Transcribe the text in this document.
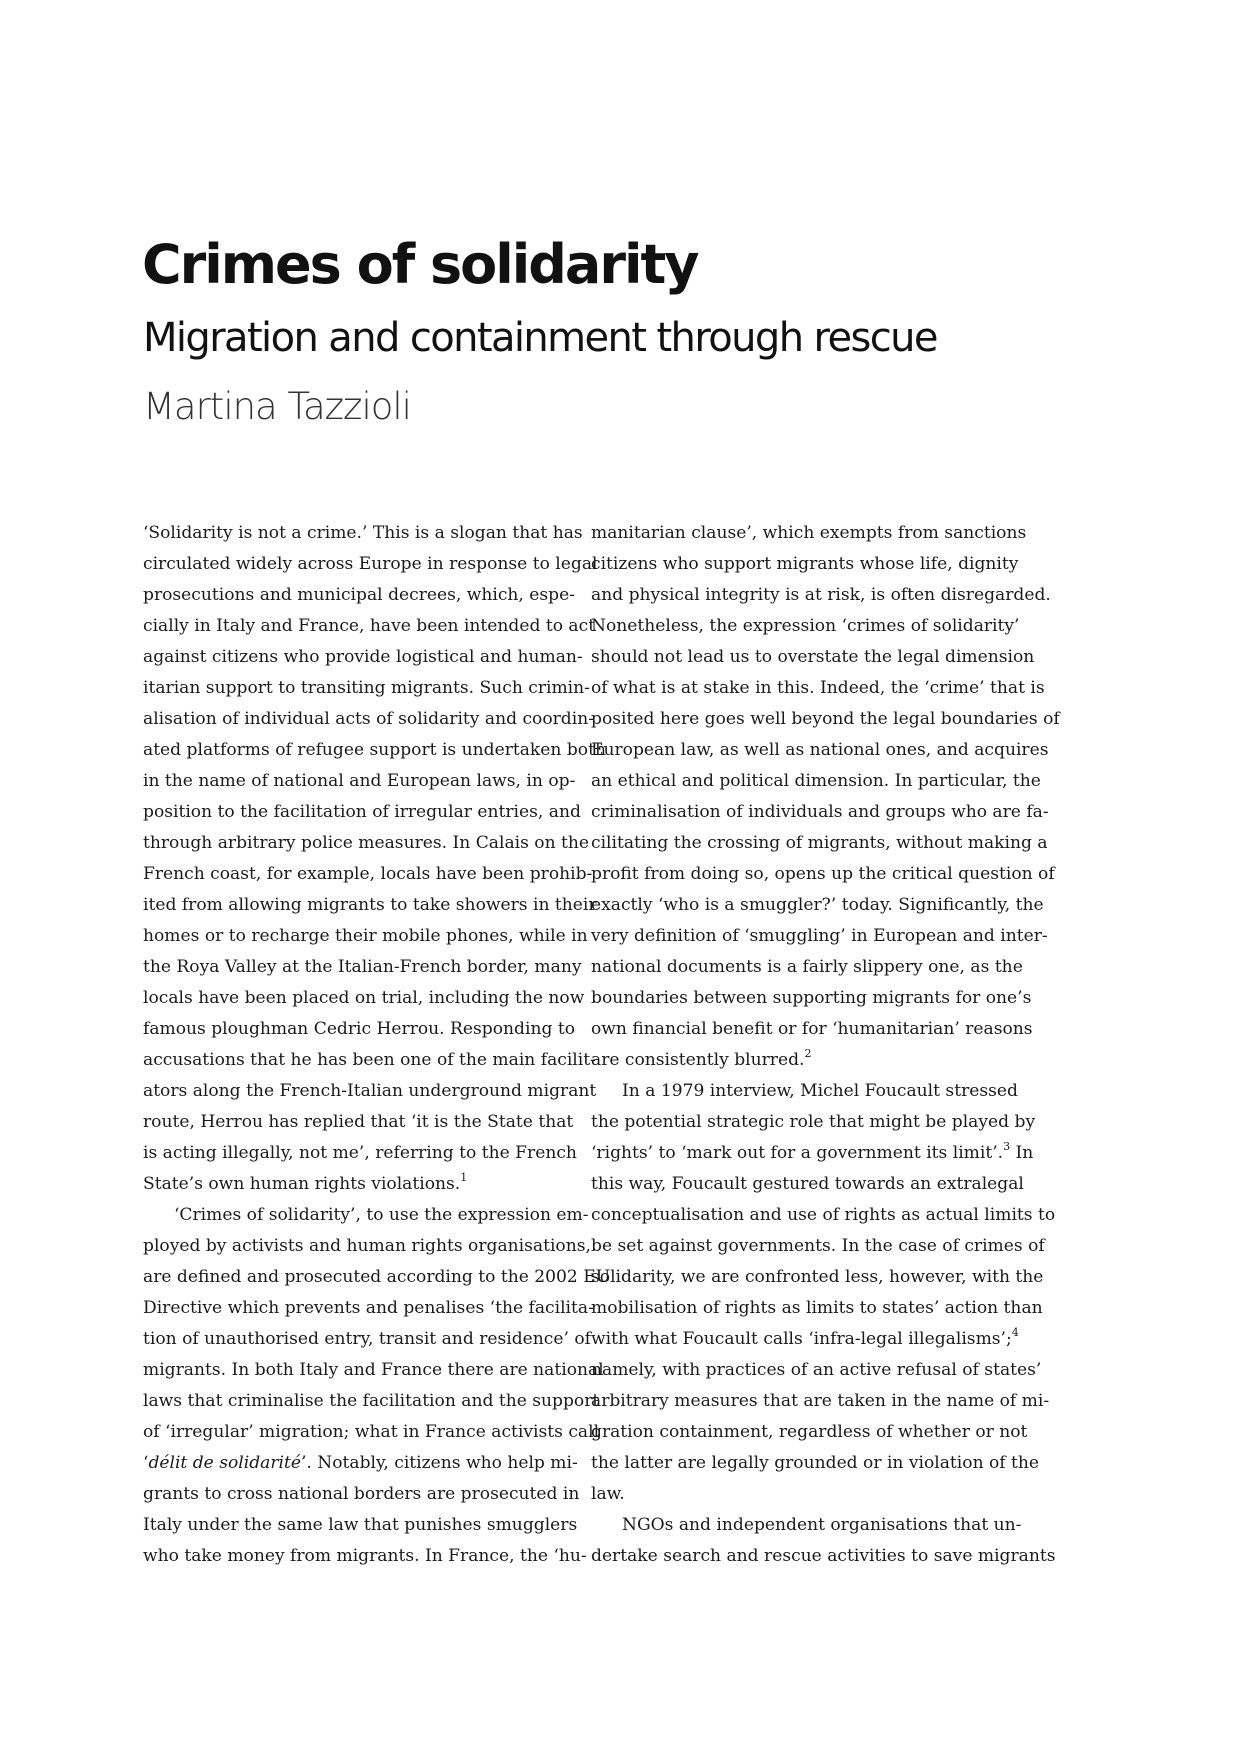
Crimes of solidarity
Migration and containment through rescue
Martina Tazzioli
‘Solidarity is not a crime.’ This is a slogan that has
circulated widely across Europe in response to legal
prosecutions and municipal decrees, which, espe-
cially in Italy and France, have been intended to act
against citizens who provide logistical and human-
itarian support to transiting migrants. Such crimin-
alisation of individual acts of solidarity and coordin-
ated platforms of refugee support is undertaken both
in the name of national and European laws, in op-
position to the facilitation of irregular entries, and
through arbitrary police measures. In Calais on the
French coast, for example, locals have been prohib-
ited from allowing migrants to take showers in their
homes or to recharge their mobile phones, while in
the Roya Valley at the Italian-French border, many
locals have been placed on trial, including the now
famous ploughman Cedric Herrou. Responding to
accusations that he has been one of the main facilit-
ators along the French-Italian underground migrant
route, Herrou has replied that ‘it is the State that
is acting illegally, not me’, referring to the French
State’s own human rights violations.$^1$
‘Crimes of solidarity’, to use the expression em-
ployed by activists and human rights organisations,
are defined and prosecuted according to the 2002 EU
Directive which prevents and penalises ‘the facilita-
tion of unauthorised entry, transit and residence’ of
migrants. In both Italy and France there are national
laws that criminalise the facilitation and the support
of ‘irregular’ migration; what in France activists call
‘délit de solidarité’. Notably, citizens who help mi-
grants to cross national borders are prosecuted in
Italy under the same law that punishes smugglers
who take money from migrants. In France, the ‘hu-
manitarian clause’, which exempts from sanctions
citizens who support migrants whose life, dignity
and physical integrity is at risk, is often disregarded.
Nonetheless, the expression ‘crimes of solidarity’
should not lead us to overstate the legal dimension
of what is at stake in this. Indeed, the ‘crime’ that is
posited here goes well beyond the legal boundaries of
European law, as well as national ones, and acquires
an ethical and political dimension. In particular, the
criminalisation of individuals and groups who are fa-
cilitating the crossing of migrants, without making a
profit from doing so, opens up the critical question of
exactly ‘who is a smuggler?’ today. Significantly, the
very definition of ‘smuggling’ in European and inter-
national documents is a fairly slippery one, as the
boundaries between supporting migrants for one’s
own financial benefit or for ‘humanitarian’ reasons
are consistently blurred.$^2$
In a 1979 interview, Michel Foucault stressed
the potential strategic role that might be played by
‘rights’ to ‘mark out for a government its limit’.$^3$ In
this way, Foucault gestured towards an extralegal
conceptualisation and use of rights as actual limits to
be set against governments. In the case of crimes of
solidarity, we are confronted less, however, with the
mobilisation of rights as limits to states’ action than
with what Foucault calls ‘infra-legal illegalisms’;$^4$
namely, with practices of an active refusal of states’
arbitrary measures that are taken in the name of mi-
gration containment, regardless of whether or not
the latter are legally grounded or in violation of the
law.
NGOs and independent organisations that un-
dertake search and rescue activities to save migrants
